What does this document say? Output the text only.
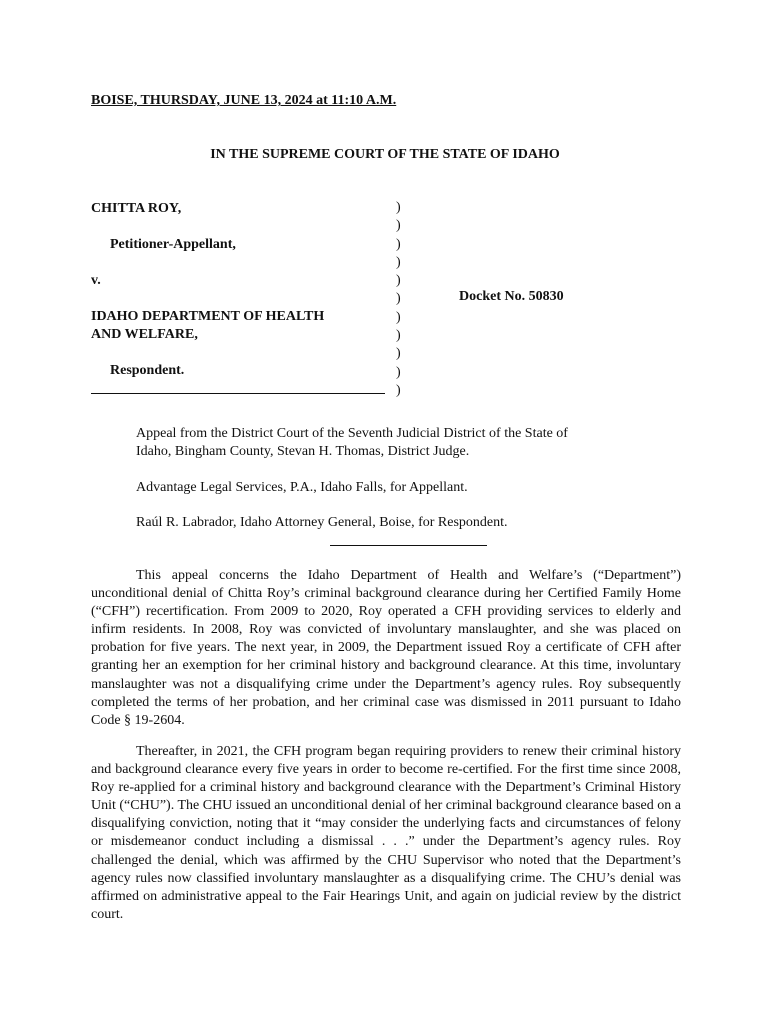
BOISE, THURSDAY, JUNE 13, 2024 at 11:10 A.M.
IN THE SUPREME COURT OF THE STATE OF IDAHO
CHITTA ROY,
Petitioner-Appellant,
v.
IDAHO DEPARTMENT OF HEALTH
AND WELFARE,
Respondent.
)
)
)
)
)
)
)
)
)
)
)
Docket No. 50830
Appeal from the District Court of the Seventh Judicial District of the State of
Idaho, Bingham County, Stevan H. Thomas, District Judge.
Advantage Legal Services, P.A., Idaho Falls, for Appellant.
Raúl R. Labrador, Idaho Attorney General, Boise, for Respondent.

This appeal concerns the Idaho Department of Health and Welfare’s (“Department”) unconditional denial of Chitta Roy’s criminal background clearance during her Certified Family Home (“CFH”) recertification. From 2009 to 2020, Roy operated a CFH providing services to elderly and infirm residents. In 2008, Roy was convicted of involuntary manslaughter, and she was placed on probation for five years. The next year, in 2009, the Department issued Roy a certificate of CFH after granting her an exemption for her criminal history and background clearance. At this time, involuntary manslaughter was not a disqualifying crime under the Department’s agency rules. Roy subsequently completed the terms of her probation, and her criminal case was dismissed in 2011 pursuant to Idaho Code § 19-2604.

Thereafter, in 2021, the CFH program began requiring providers to renew their criminal history and background clearance every five years in order to become re-certified. For the first time since 2008, Roy re-applied for a criminal history and background clearance with the Department’s Criminal History Unit (“CHU”). The CHU issued an unconditional denial of her criminal background clearance based on a disqualifying conviction, noting that it “may consider the underlying facts and circumstances of felony or misdemeanor conduct including a dismissal . . .” under the Department’s agency rules. Roy challenged the denial, which was affirmed by the CHU Supervisor who noted that the Department’s agency rules now classified involuntary manslaughter as a disqualifying crime. The CHU’s denial was affirmed on administrative appeal to the Fair Hearings Unit, and again on judicial review by the district court.
